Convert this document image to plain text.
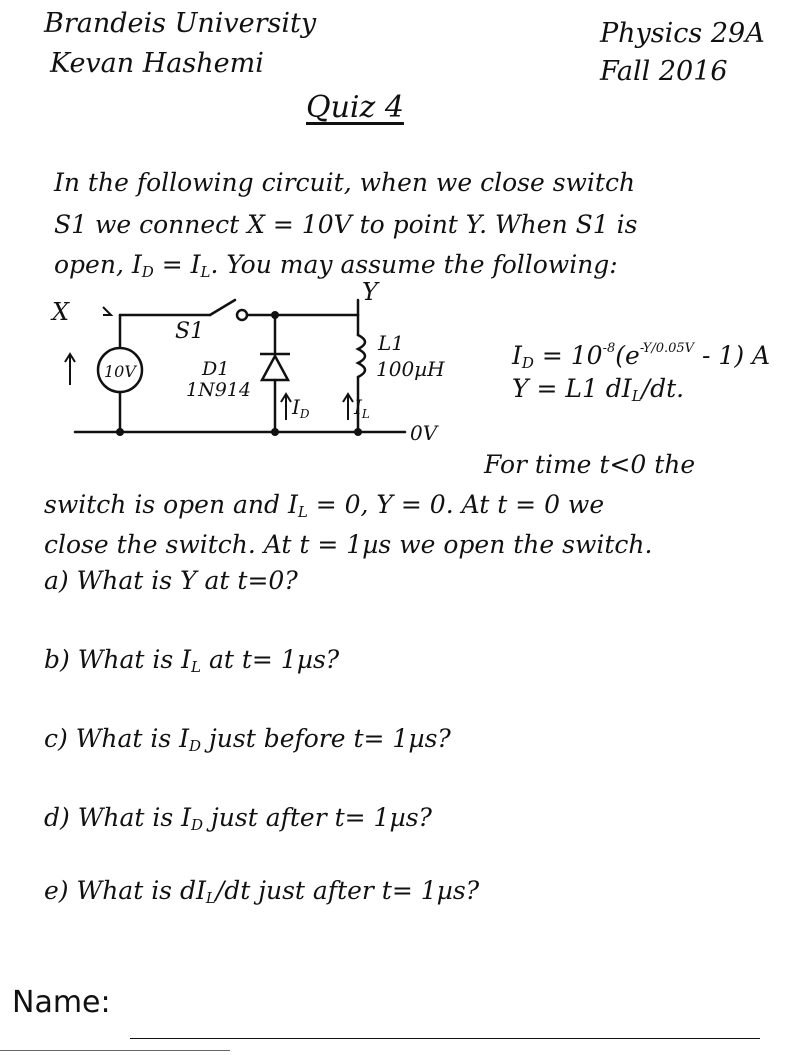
Brandeis University
Kevan Hashemi
Physics 29A
Fall 2016
Quiz 4
In the following circuit, when we close switch
S1 we connect X = 10V to point Y. When S1 is
open, $I_D = I_L$. You may assume the following:
X
10V
S1
Y
D1
1N914
$I_D$
L1
100µH
$I_L$
0V
$I_D = 10^{-8}(e^{-Y/0.05V} - 1)$ A
Y = L1 $dI_L/dt$.
For time t<0 the
switch is open and $I_L = 0$, Y = 0. At t = 0 we
close the switch. At t = 1µs we open the switch.
a) What is Y at t=0?
b) What is $I_L$ at t= 1µs?
c) What is $I_D$ just before t= 1µs?
d) What is $I_D$ just after t= 1µs?
e) What is $dI_L/dt$ just after t= 1µs?
Name:
